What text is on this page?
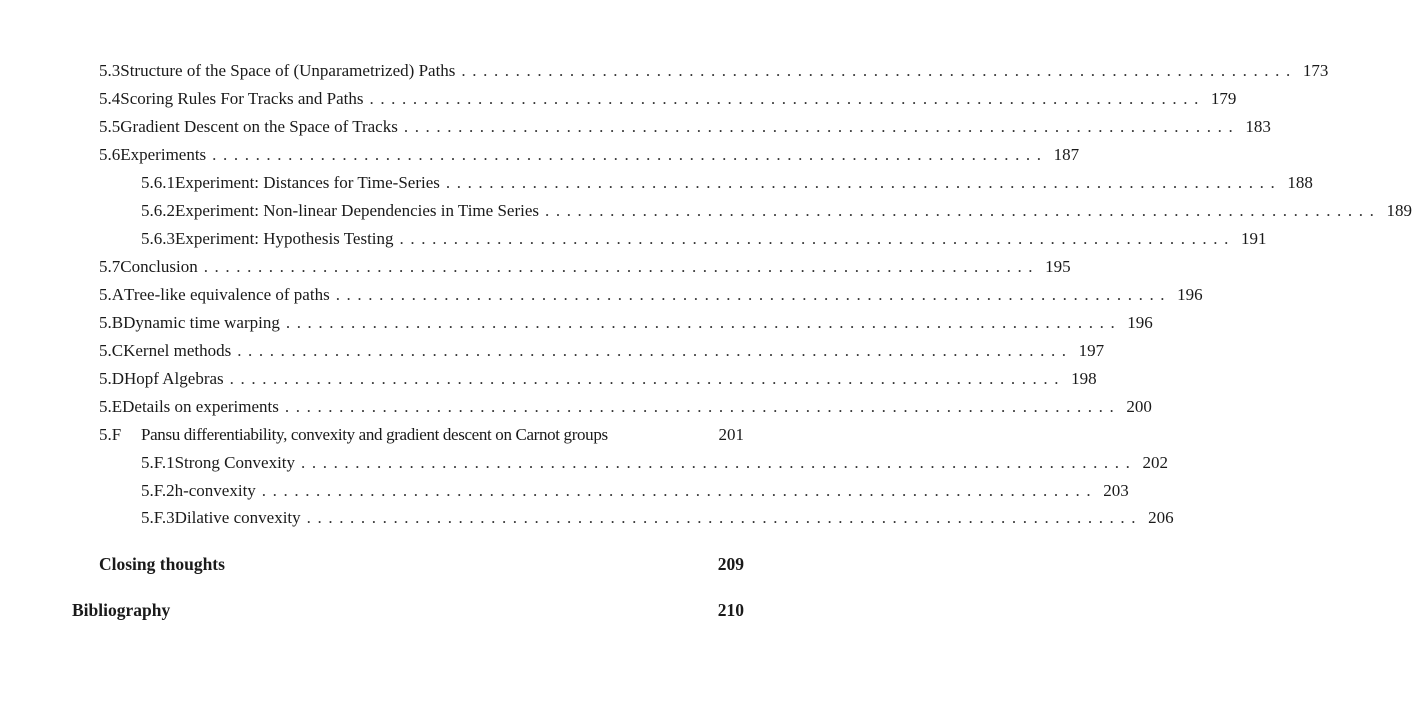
5.3 Structure of the Space of (Unparametrized) Paths ............................................................................. 173
5.4 Scoring Rules For Tracks and Paths ............................................................................. 179
5.5 Gradient Descent on the Space of Tracks ............................................................................. 183
5.6 Experiments ............................................................................. 187
5.6.1 Experiment: Distances for Time-Series ............................................................................. 188
5.6.2 Experiment: Non-linear Dependencies in Time Series ............................................................................. 189
5.6.3 Experiment: Hypothesis Testing ............................................................................. 191
5.7 Conclusion ............................................................................. 195
5.A Tree-like equivalence of paths ............................................................................. 196
5.B Dynamic time warping ............................................................................. 196
5.C Kernel methods ............................................................................. 197
5.D Hopf Algebras ............................................................................. 198
5.E Details on experiments ............................................................................. 200
5.F	Pansu differentiability, convexity and gradient descent on Carnot groups	201
5.F.1 Strong Convexity ............................................................................. 202
5.F.2 h-convexity ............................................................................. 203
5.F.3 Dilative convexity ............................................................................. 206
Closing thoughts	209
Bibliography	210
